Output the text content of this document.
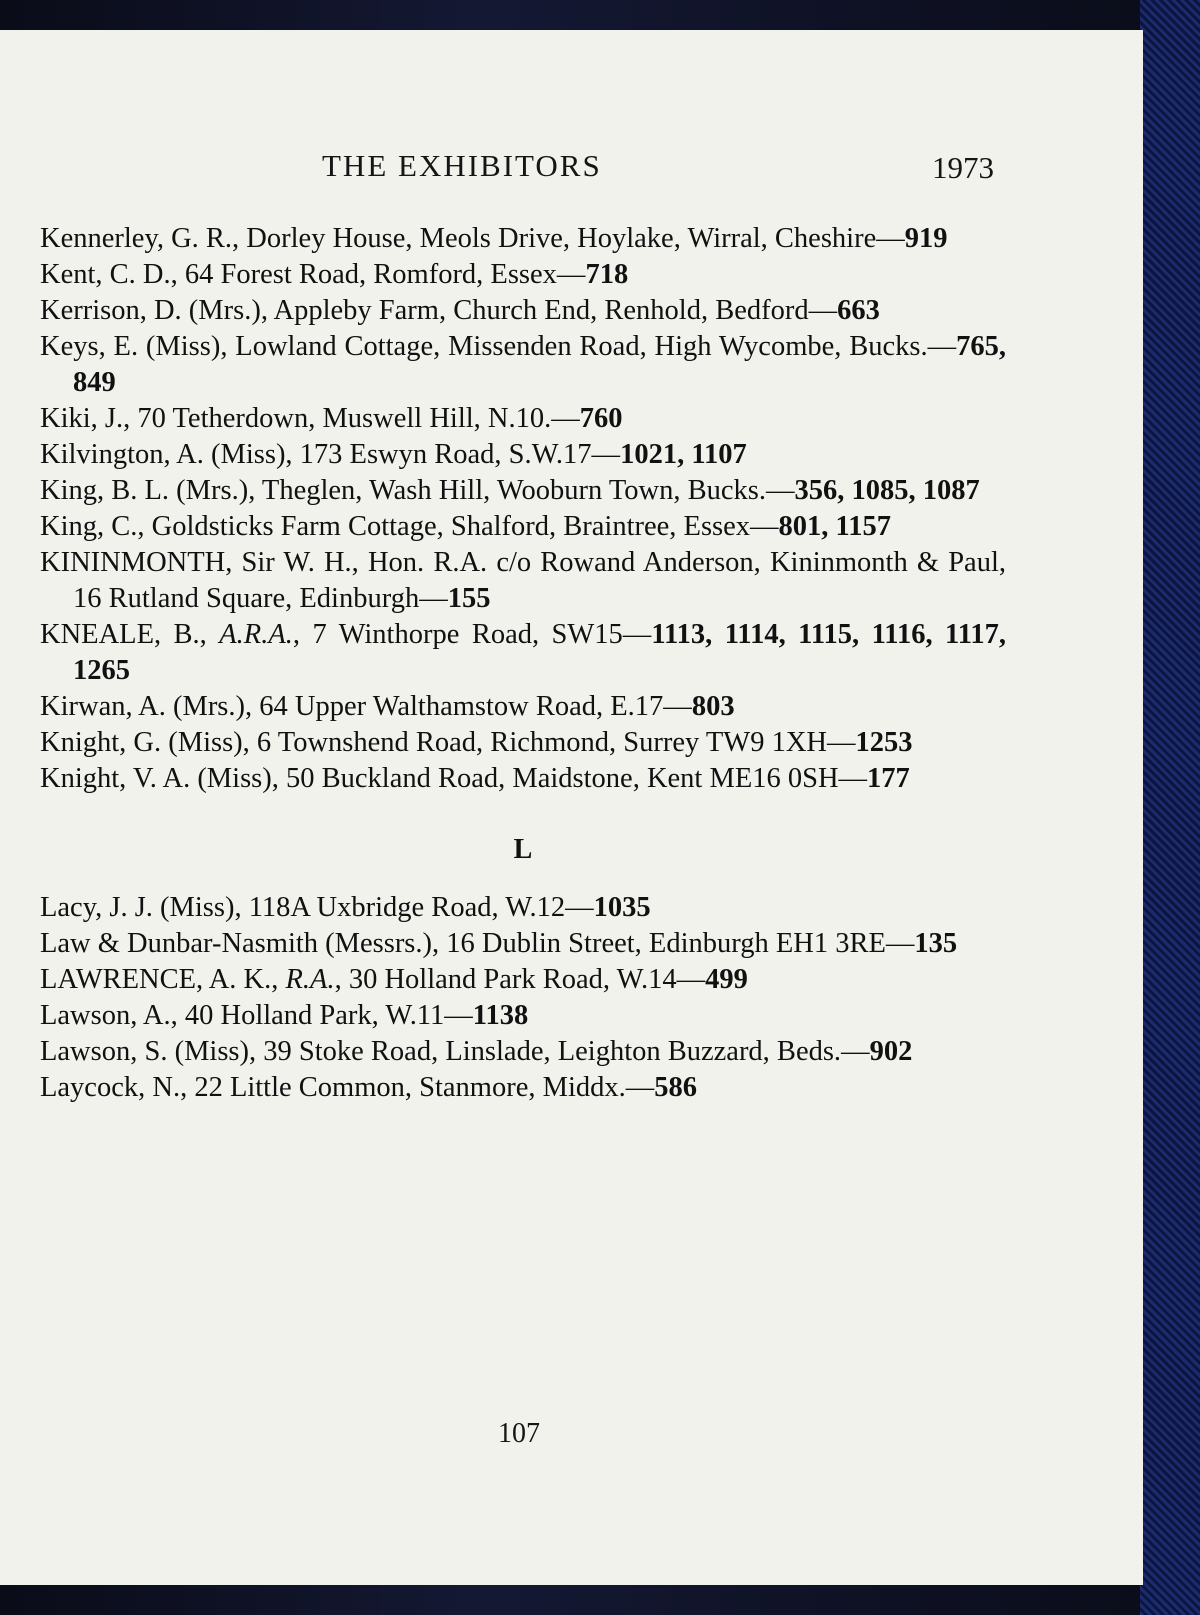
THE EXHIBITORS	1973
Kennerley, G. R., Dorley House, Meols Drive, Hoylake, Wirral, Cheshire—919
Kent, C. D., 64 Forest Road, Romford, Essex—718
Kerrison, D. (Mrs.), Appleby Farm, Church End, Renhold, Bedford—663
Keys, E. (Miss), Lowland Cottage, Missenden Road, High Wycombe, Bucks.—765, 849
Kiki, J., 70 Tetherdown, Muswell Hill, N.10.—760
Kilvington, A. (Miss), 173 Eswyn Road, S.W.17—1021, 1107
King, B. L. (Mrs.), Theglen, Wash Hill, Wooburn Town, Bucks.—356, 1085, 1087
King, C., Goldsticks Farm Cottage, Shalford, Braintree, Essex—801, 1157
KININMONTH, Sir W. H., Hon. R.A. c/o Rowand Anderson, Kininmonth & Paul, 16 Rutland Square, Edinburgh—155
KNEALE, B., A.R.A., 7 Winthorpe Road, SW15—1113, 1114, 1115, 1116, 1117, 1265
Kirwan, A. (Mrs.), 64 Upper Walthamstow Road, E.17—803
Knight, G. (Miss), 6 Townshend Road, Richmond, Surrey TW9 1XH—1253
Knight, V. A. (Miss), 50 Buckland Road, Maidstone, Kent ME16 0SH—177
L
Lacy, J. J. (Miss), 118A Uxbridge Road, W.12—1035
Law & Dunbar-Nasmith (Messrs.), 16 Dublin Street, Edinburgh EH1 3RE—135
LAWRENCE, A. K., R.A., 30 Holland Park Road, W.14—499
Lawson, A., 40 Holland Park, W.11—1138
Lawson, S. (Miss), 39 Stoke Road, Linslade, Leighton Buzzard, Beds.—902
Laycock, N., 22 Little Common, Stanmore, Middx.—586
107
